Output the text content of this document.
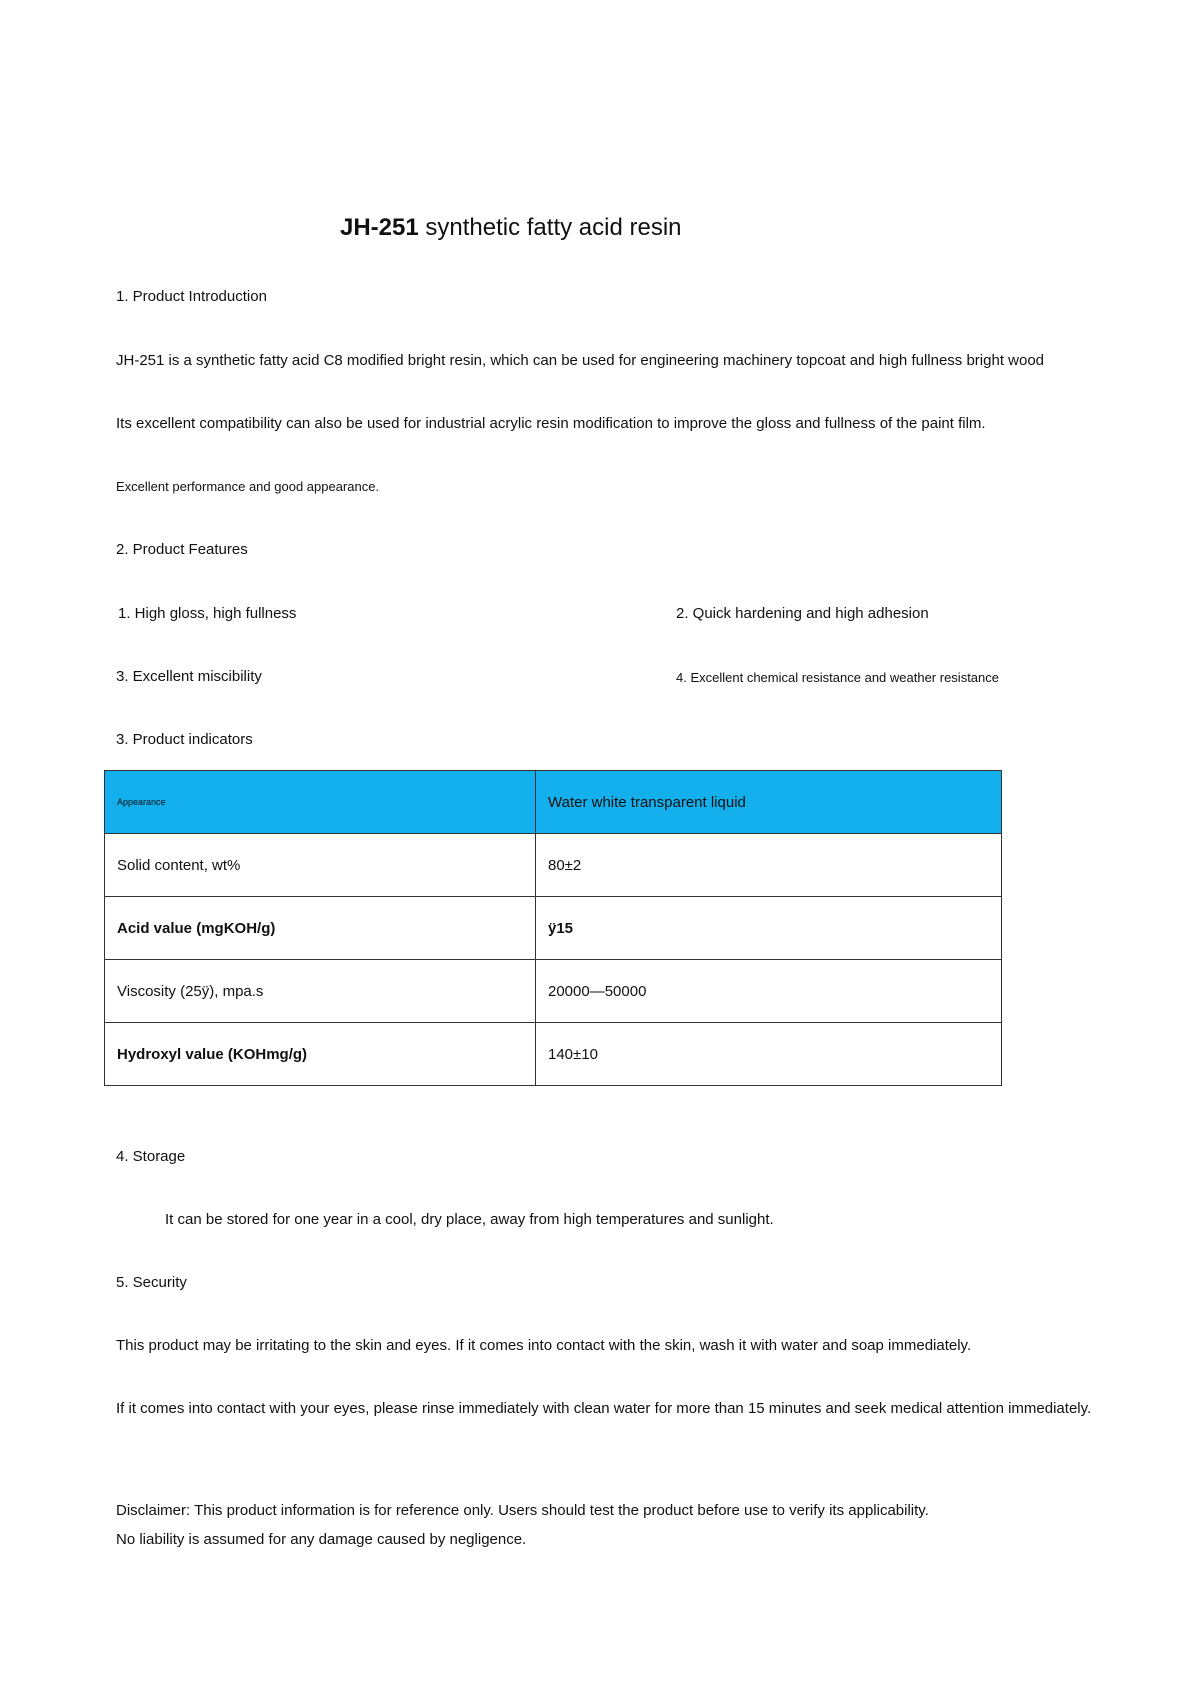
JH-251 synthetic fatty acid resin
1. Product Introduction
JH-251 is a synthetic fatty acid C8 modified bright resin, which can be used for engineering machinery topcoat and high fullness bright wood
Its excellent compatibility can also be used for industrial acrylic resin modification to improve the gloss and fullness of the paint film.
Excellent performance and good appearance.
2. Product Features
1. High gloss, high fullness	2. Quick hardening and high adhesion
3. Excellent miscibility	4. Excellent chemical resistance and weather resistance
3. Product indicators
Appearance	Water white transparent liquid
Solid content, wt%	80±2
Acid value (mgKOH/g)	ÿ15
Viscosity (25ÿ), mpa.s	20000—50000
Hydroxyl value (KOHmg/g)	140±10
4. Storage
It can be stored for one year in a cool, dry place, away from high temperatures and sunlight.
5. Security
This product may be irritating to the skin and eyes. If it comes into contact with the skin, wash it with water and soap immediately.
If it comes into contact with your eyes, please rinse immediately with clean water for more than 15 minutes and seek medical attention immediately.
Disclaimer: This product information is for reference only. Users should test the product before use to verify its applicability.
No liability is assumed for any damage caused by negligence.
